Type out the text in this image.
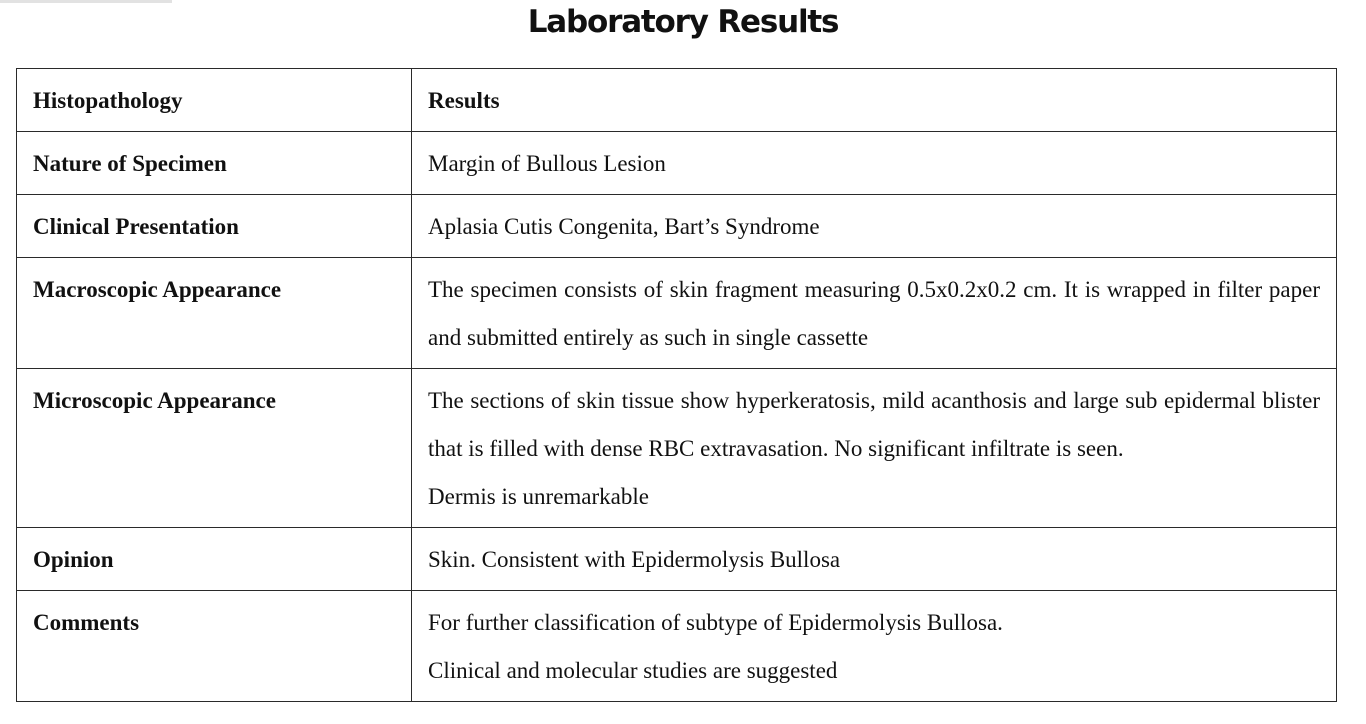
Laboratory Results
Histopathology	Results
Nature of Specimen	Margin of Bullous Lesion

Clinical Presentation	Aplasia Cutis Congenita, Bart’s Syndrome

Macroscopic Appearance	The specimen consists of skin fragment measuring 0.5x0.2x0.2 cm. It is wrapped in filter paper and submitted entirely as such in single cassette

Microscopic Appearance	The sections of skin tissue show hyperkeratosis, mild acanthosis and large sub epidermal blister that is filled with dense RBC extravasation. No significant infiltrate is seen.
Dermis is unremarkable

Opinion	Skin. Consistent with Epidermolysis Bullosa

Comments	For further classification of subtype of Epidermolysis Bullosa.
Clinical and molecular studies are suggested
